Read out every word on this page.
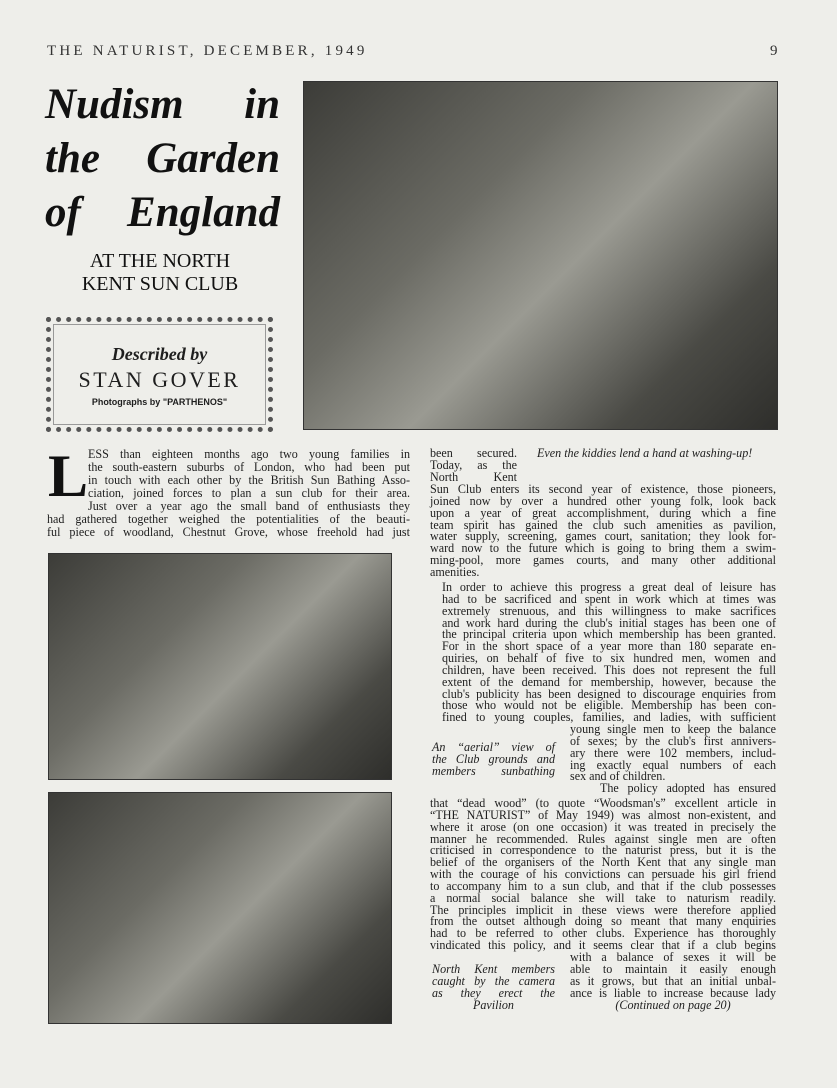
THE NATURIST, DECEMBER, 1949	9
Nudism in
the Garden
of England
AT THE NORTH
KENT SUN CLUB
Described by
STAN GOVER
Photographs by "PARTHENOS"
L ESS than eighteen months ago two young families in
the south-eastern suburbs of London, who had been put
in touch with each other by the British Sun Bathing Asso-
ciation, joined forces to plan a sun club for their area.
Just over a year ago the small band of enthusiasts they
had gathered together weighed the potentialities of the beauti-
ful piece of woodland, Chestnut Grove, whose freehold had just
been secured.
Today, as the
North Kent
Even the kiddies lend a hand at washing-up!
Sun Club enters its second year of existence, those pioneers,
joined now by over a hundred other young folk, look back
upon a year of great accomplishment, during which a fine
team spirit has gained the club such amenities as pavilion,
water supply, screening, games court, sanitation; they look for-
ward now to the future which is going to bring them a swim-
ming-pool, more games courts, and many other additional
amenities.
In order to achieve this progress a great deal of leisure has
had to be sacrificed and spent in work which at times was
extremely strenuous, and this willingness to make sacrifices
and work hard during the club's initial stages has been one of
the principal criteria upon which membership has been granted.
For in the short space of a year more than 180 separate en-
quiries, on behalf of five to six hundred men, women and
children, have been received. This does not represent the full
extent of the demand for membership, however, because the
club's publicity has been designed to discourage enquiries from
those who would not be eligible. Membership has been con-
fined to young couples, families, and ladies, with sufficient
young single men to keep the balance
of sexes; by the club's first annivers-
ary there were 102 members, includ-
ing exactly equal numbers of each
sex and of children.
The policy adopted has ensured
An “aerial” view of
the Club grounds and
members sunbathing
that “dead wood” (to quote “Woodsman's” excellent article in
“THE NATURIST” of May 1949) was almost non-existent, and
where it arose (on one occasion) it was treated in precisely the
manner he recommended. Rules against single men are often
criticised in correspondence to the naturist press, but it is the
belief of the organisers of the North Kent that any single man
with the courage of his convictions can persuade his girl friend
to accompany him to a sun club, and that if the club possesses
a normal social balance she will take to naturism readily.
The principles implicit in these views were therefore applied
from the outset although doing so meant that many enquiries
had to be referred to other clubs. Experience has thoroughly
vindicated this policy, and it seems clear that if a club begins
with a balance of sexes it will be
able to maintain it easily enough
as it grows, but that an initial unbal-
ance is liable to increase because lady
(Continued on page 20)
North Kent members
caught by the camera
as they erect the
Pavilion
